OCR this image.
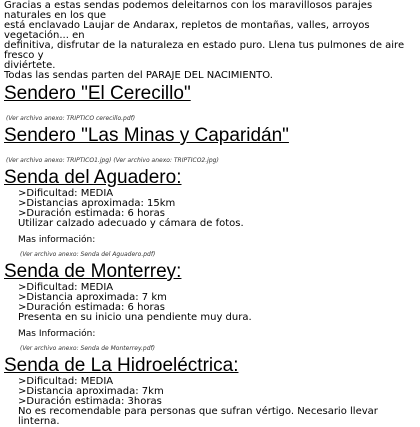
Gracias a estas sendas podemos deleitarnos con los maravillosos parajes naturales en los que

está enclavado Laujar de Andarax, repletos de montañas, valles, arroyos vegetación... en

definitiva, disfrutar de la naturaleza en estado puro. Llena tus pulmones de aire fresco y

diviértete.

Todas las sendas parten del PARAJE DEL NACIMIENTO.

Sendero "El Cerecillo"

(Ver archivo anexo: TRIPTICO cerecillo.pdf)

Sendero "Las Minas y Caparidán"

(Ver archivo anexo: TRIPTICO1.jpg) (Ver archivo anexo: TRIPTICO2.jpg)

Senda del Aguadero:
>Dificultad: MEDIA
>Distancias aproximada: 15km
>Duración estimada: 6 horas
Utilizar calzado adecuado y cámara de fotos.
Mas información:

(Ver archivo anexo: Senda del Aguadero.pdf)

Senda de Monterrey:
>Dificultad: MEDIA
>Distancia aproximada: 7 km
>Duración estimada: 6 horas
Presenta en su inicio una pendiente muy dura.
Mas Información:

(Ver archivo anexo: Senda de Monterrey.pdf)

Senda de La Hidroeléctrica:
>Dificultad: MEDIA
>Distancia aproximada: 7km
>Duración estimada: 3horas
No es recomendable para personas que sufran vértigo. Necesario llevar linterna.
